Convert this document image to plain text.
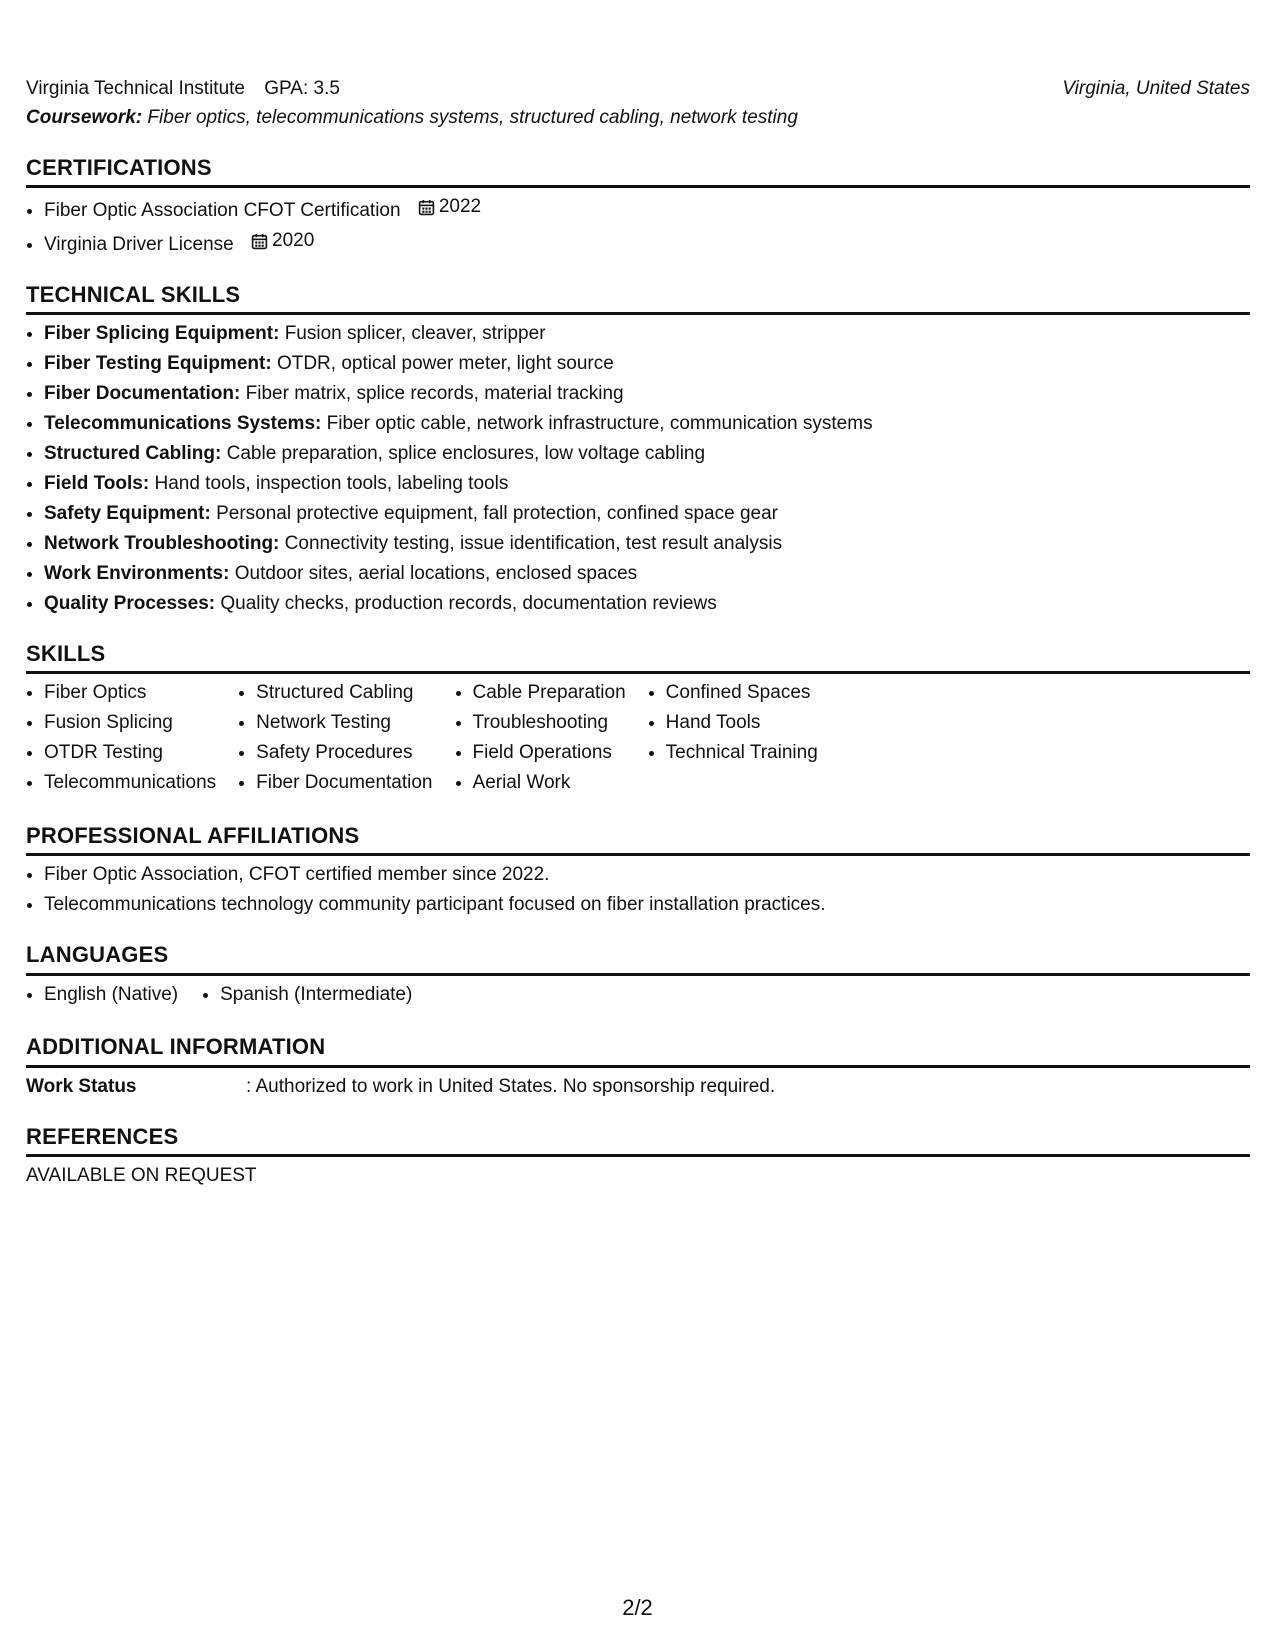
Virginia Technical Institute GPA: 3.5	Virginia, United States
Coursework: Fiber optics, telecommunications systems, structured cabling, network testing
CERTIFICATIONS
• Fiber Optic Association CFOT Certification 2022
• Virginia Driver License 2020
TECHNICAL SKILLS
• Fiber Splicing Equipment: Fusion splicer, cleaver, stripper
• Fiber Testing Equipment: OTDR, optical power meter, light source
• Fiber Documentation: Fiber matrix, splice records, material tracking
• Telecommunications Systems: Fiber optic cable, network infrastructure, communication systems
• Structured Cabling: Cable preparation, splice enclosures, low voltage cabling
• Field Tools: Hand tools, inspection tools, labeling tools
• Safety Equipment: Personal protective equipment, fall protection, confined space gear
• Network Troubleshooting: Connectivity testing, issue identification, test result analysis
• Work Environments: Outdoor sites, aerial locations, enclosed spaces
• Quality Processes: Quality checks, production records, documentation reviews
SKILLS
• Fiber Optics
• Fusion Splicing
• OTDR Testing
• Telecommunications
• Structured Cabling
• Network Testing
• Safety Procedures
• Fiber Documentation
• Cable Preparation
• Troubleshooting
• Field Operations
• Aerial Work
• Confined Spaces
• Hand Tools
• Technical Training
PROFESSIONAL AFFILIATIONS
• Fiber Optic Association, CFOT certified member since 2022.
• Telecommunications technology community participant focused on fiber installation practices.
LANGUAGES
• English (Native)
• Spanish (Intermediate)
ADDITIONAL INFORMATION
Work Status	: Authorized to work in United States. No sponsorship required.
REFERENCES
AVAILABLE ON REQUEST
2/2
